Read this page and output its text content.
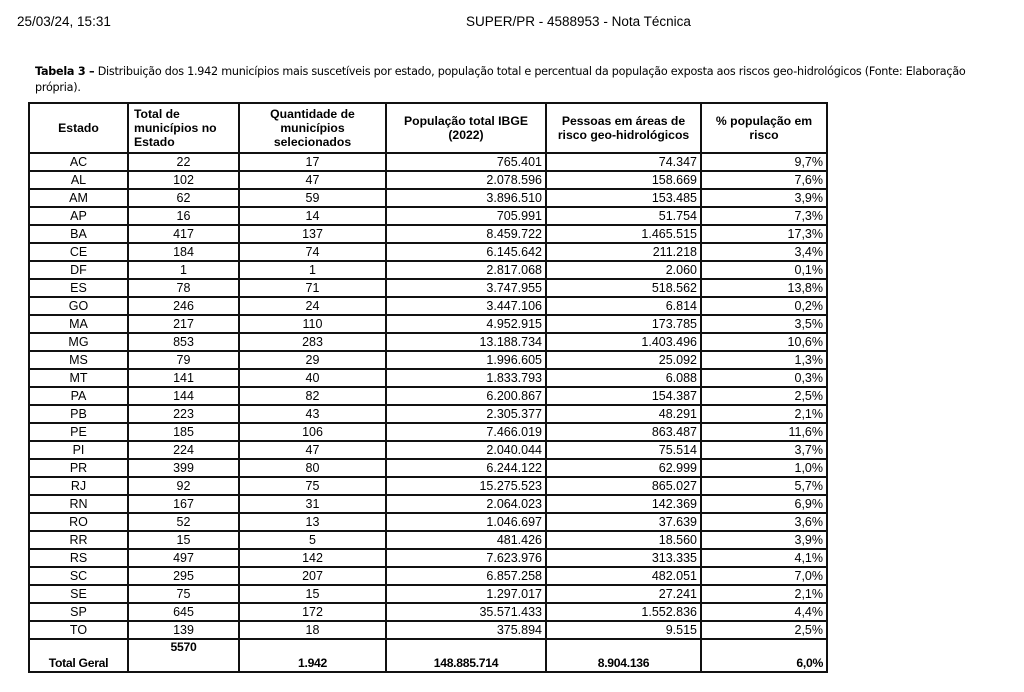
25/03/24, 15:31	SUPER/PR - 4588953 - Nota Técnica
Tabela 3 – Distribuição dos 1.942 municípios mais suscetíveis por estado, população total e percentual da população exposta aos riscos geo-hidrológicos (Fonte: Elaboração própria).
Estado	Total de municípios no Estado	Quantidade de municípios selecionados	População total IBGE (2022)	Pessoas em áreas de risco geo-hidrológicos	% população em risco
AC	22	17	765.401	74.347	9,7%
AL	102	47	2.078.596	158.669	7,6%
AM	62	59	3.896.510	153.485	3,9%
AP	16	14	705.991	51.754	7,3%
BA	417	137	8.459.722	1.465.515	17,3%
CE	184	74	6.145.642	211.218	3,4%
DF	1	1	2.817.068	2.060	0,1%
ES	78	71	3.747.955	518.562	13,8%
GO	246	24	3.447.106	6.814	0,2%
MA	217	110	4.952.915	173.785	3,5%
MG	853	283	13.188.734	1.403.496	10,6%
MS	79	29	1.996.605	25.092	1,3%
MT	141	40	1.833.793	6.088	0,3%
PA	144	82	6.200.867	154.387	2,5%
PB	223	43	2.305.377	48.291	2,1%
PE	185	106	7.466.019	863.487	11,6%
PI	224	47	2.040.044	75.514	3,7%
PR	399	80	6.244.122	62.999	1,0%
RJ	92	75	15.275.523	865.027	5,7%
RN	167	31	2.064.023	142.369	6,9%
RO	52	13	1.046.697	37.639	3,6%
RR	15	5	481.426	18.560	3,9%
RS	497	142	7.623.976	313.335	4,1%
SC	295	207	6.857.258	482.051	7,0%
SE	75	15	1.297.017	27.241	2,1%
SP	645	172	35.571.433	1.552.836	4,4%
TO	139	18	375.894	9.515	2,5%
Total Geral	5570	1.942	148.885.714	8.904.136	6,0%
